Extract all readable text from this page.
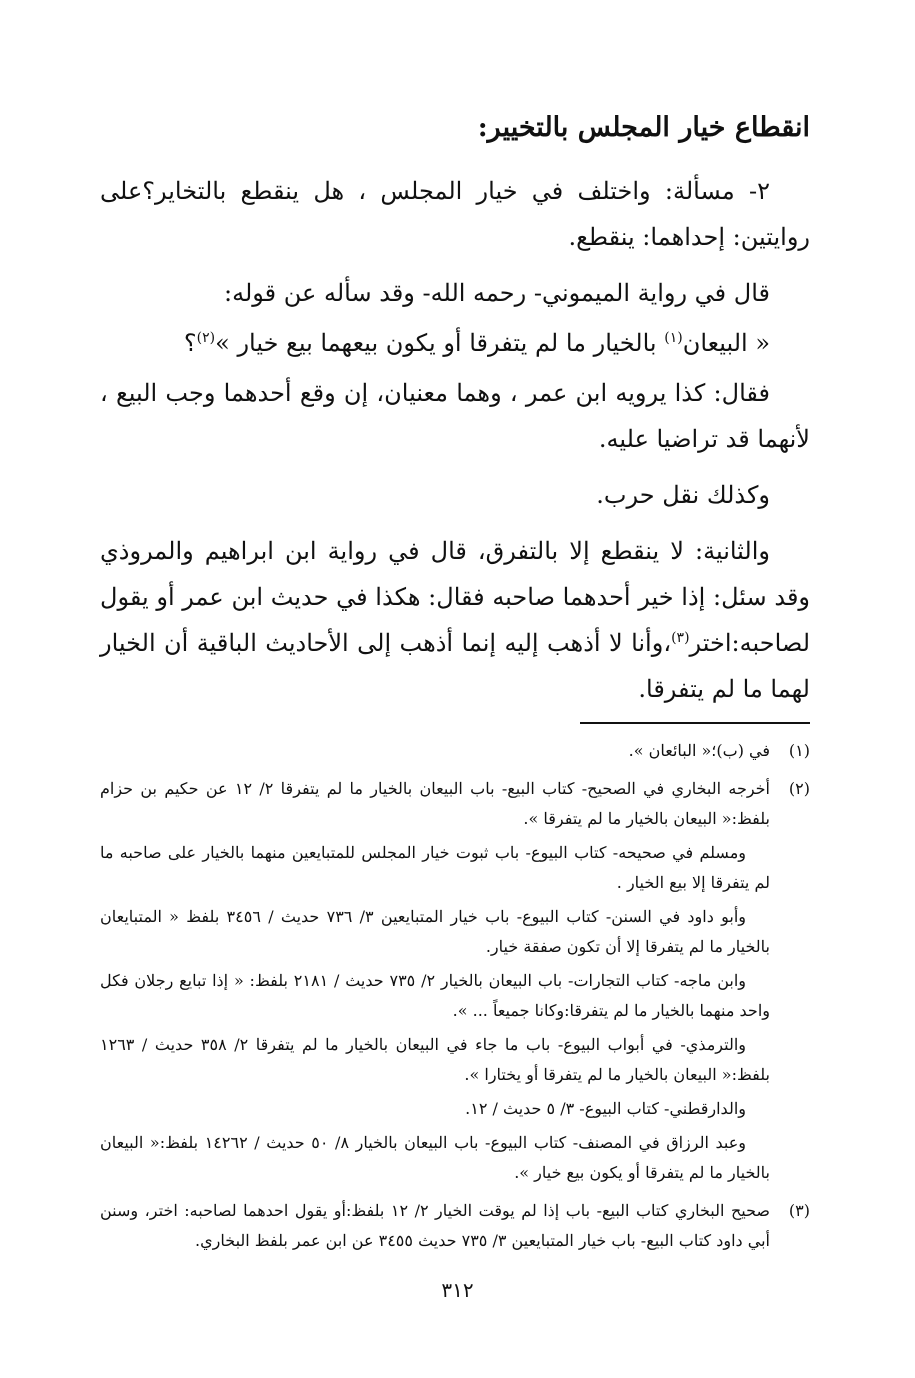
انقطاع خيار المجلس بالتخيير:

٢- مسألة: واختلف في خيار المجلس ، هل ينقطع بالتخاير؟على روايتين: إحداهما: ينقطع.

قال في رواية الميموني- رحمه الله- وقد سأله عن قوله:

« البيعان$^{(١)}$ بالخيار ما لم يتفرقا أو يكون بيعهما بيع خيار »$^{(٢)}$؟

فقال: كذا يرويه ابن عمر ، وهما معنيان، إن وقع أحدهما وجب البيع ، لأنهما قد تراضيا عليه.

وكذلك نقل حرب.

والثانية: لا ينقطع إلا بالتفرق، قال في رواية ابن ابراهيم والمروذي وقد سئل: إذا خير أحدهما صاحبه فقال: هكذا في حديث ابن عمر أو يقول لصاحبه:اختر$^{(٣)}$،وأنا لا أذهب إليه إنما أذهب إلى الأحاديث الباقية أن الخيار لهما ما لم يتفرقا.

(١)

في (ب)؛« البائعان ».

(٢)

أخرجه البخاري في الصحيح- كتاب البيع- باب البيعان بالخيار ما لم يتفرقا ٢/ ١٢ عن حكيم بن حزام بلفظ:« البيعان بالخيار ما لم يتفرقا ».

ومسلم في صحيحه- كتاب البيوع- باب ثبوت خيار المجلس للمتبايعين منهما بالخيار على صاحبه ما لم يتفرقا إلا بيع الخيار .

وأبو داود في السنن- كتاب البيوع- باب خيار المتبايعين ٣/ ٧٣٦ حديث / ٣٤٥٦ بلفظ « المتبايعان بالخيار ما لم يتفرقا إلا أن تكون صفقة خيار.

وابن ماجه- كتاب التجارات- باب البيعان بالخيار ٢/ ٧٣٥ حديث / ٢١٨١ بلفظ: « إذا تبايع رجلان فكل واحد منهما بالخيار ما لم يتفرقا:وكانا جميعاً ... ».

والترمذي- في أبواب البيوع- باب ما جاء في البيعان بالخيار ما لم يتفرقا ٢/ ٣٥٨ حديث / ١٢٦٣ بلفظ:« البيعان بالخيار ما لم يتفرقا أو يختارا ».

والدارقطني- كتاب البيوع- ٣/ ٥ حديث / ١٢.

وعبد الرزاق في المصنف- كتاب البيوع- باب البيعان بالخيار ٨/ ٥٠ حديث / ١٤٢٦٢ بلفظ:« البيعان بالخيار ما لم يتفرقا أو يكون بيع خيار ».

(٣)

صحيح البخاري كتاب البيع- باب إذا لم يوقت الخيار ٢/ ١٢ بلفظ:أو يقول احدهما لصاحبه: اختر، وسنن أبي داود كتاب البيع- باب خيار المتبايعين ٣/ ٧٣٥ حديث ٣٤٥٥ عن ابن عمر بلفظ البخاري.

٣١٢
